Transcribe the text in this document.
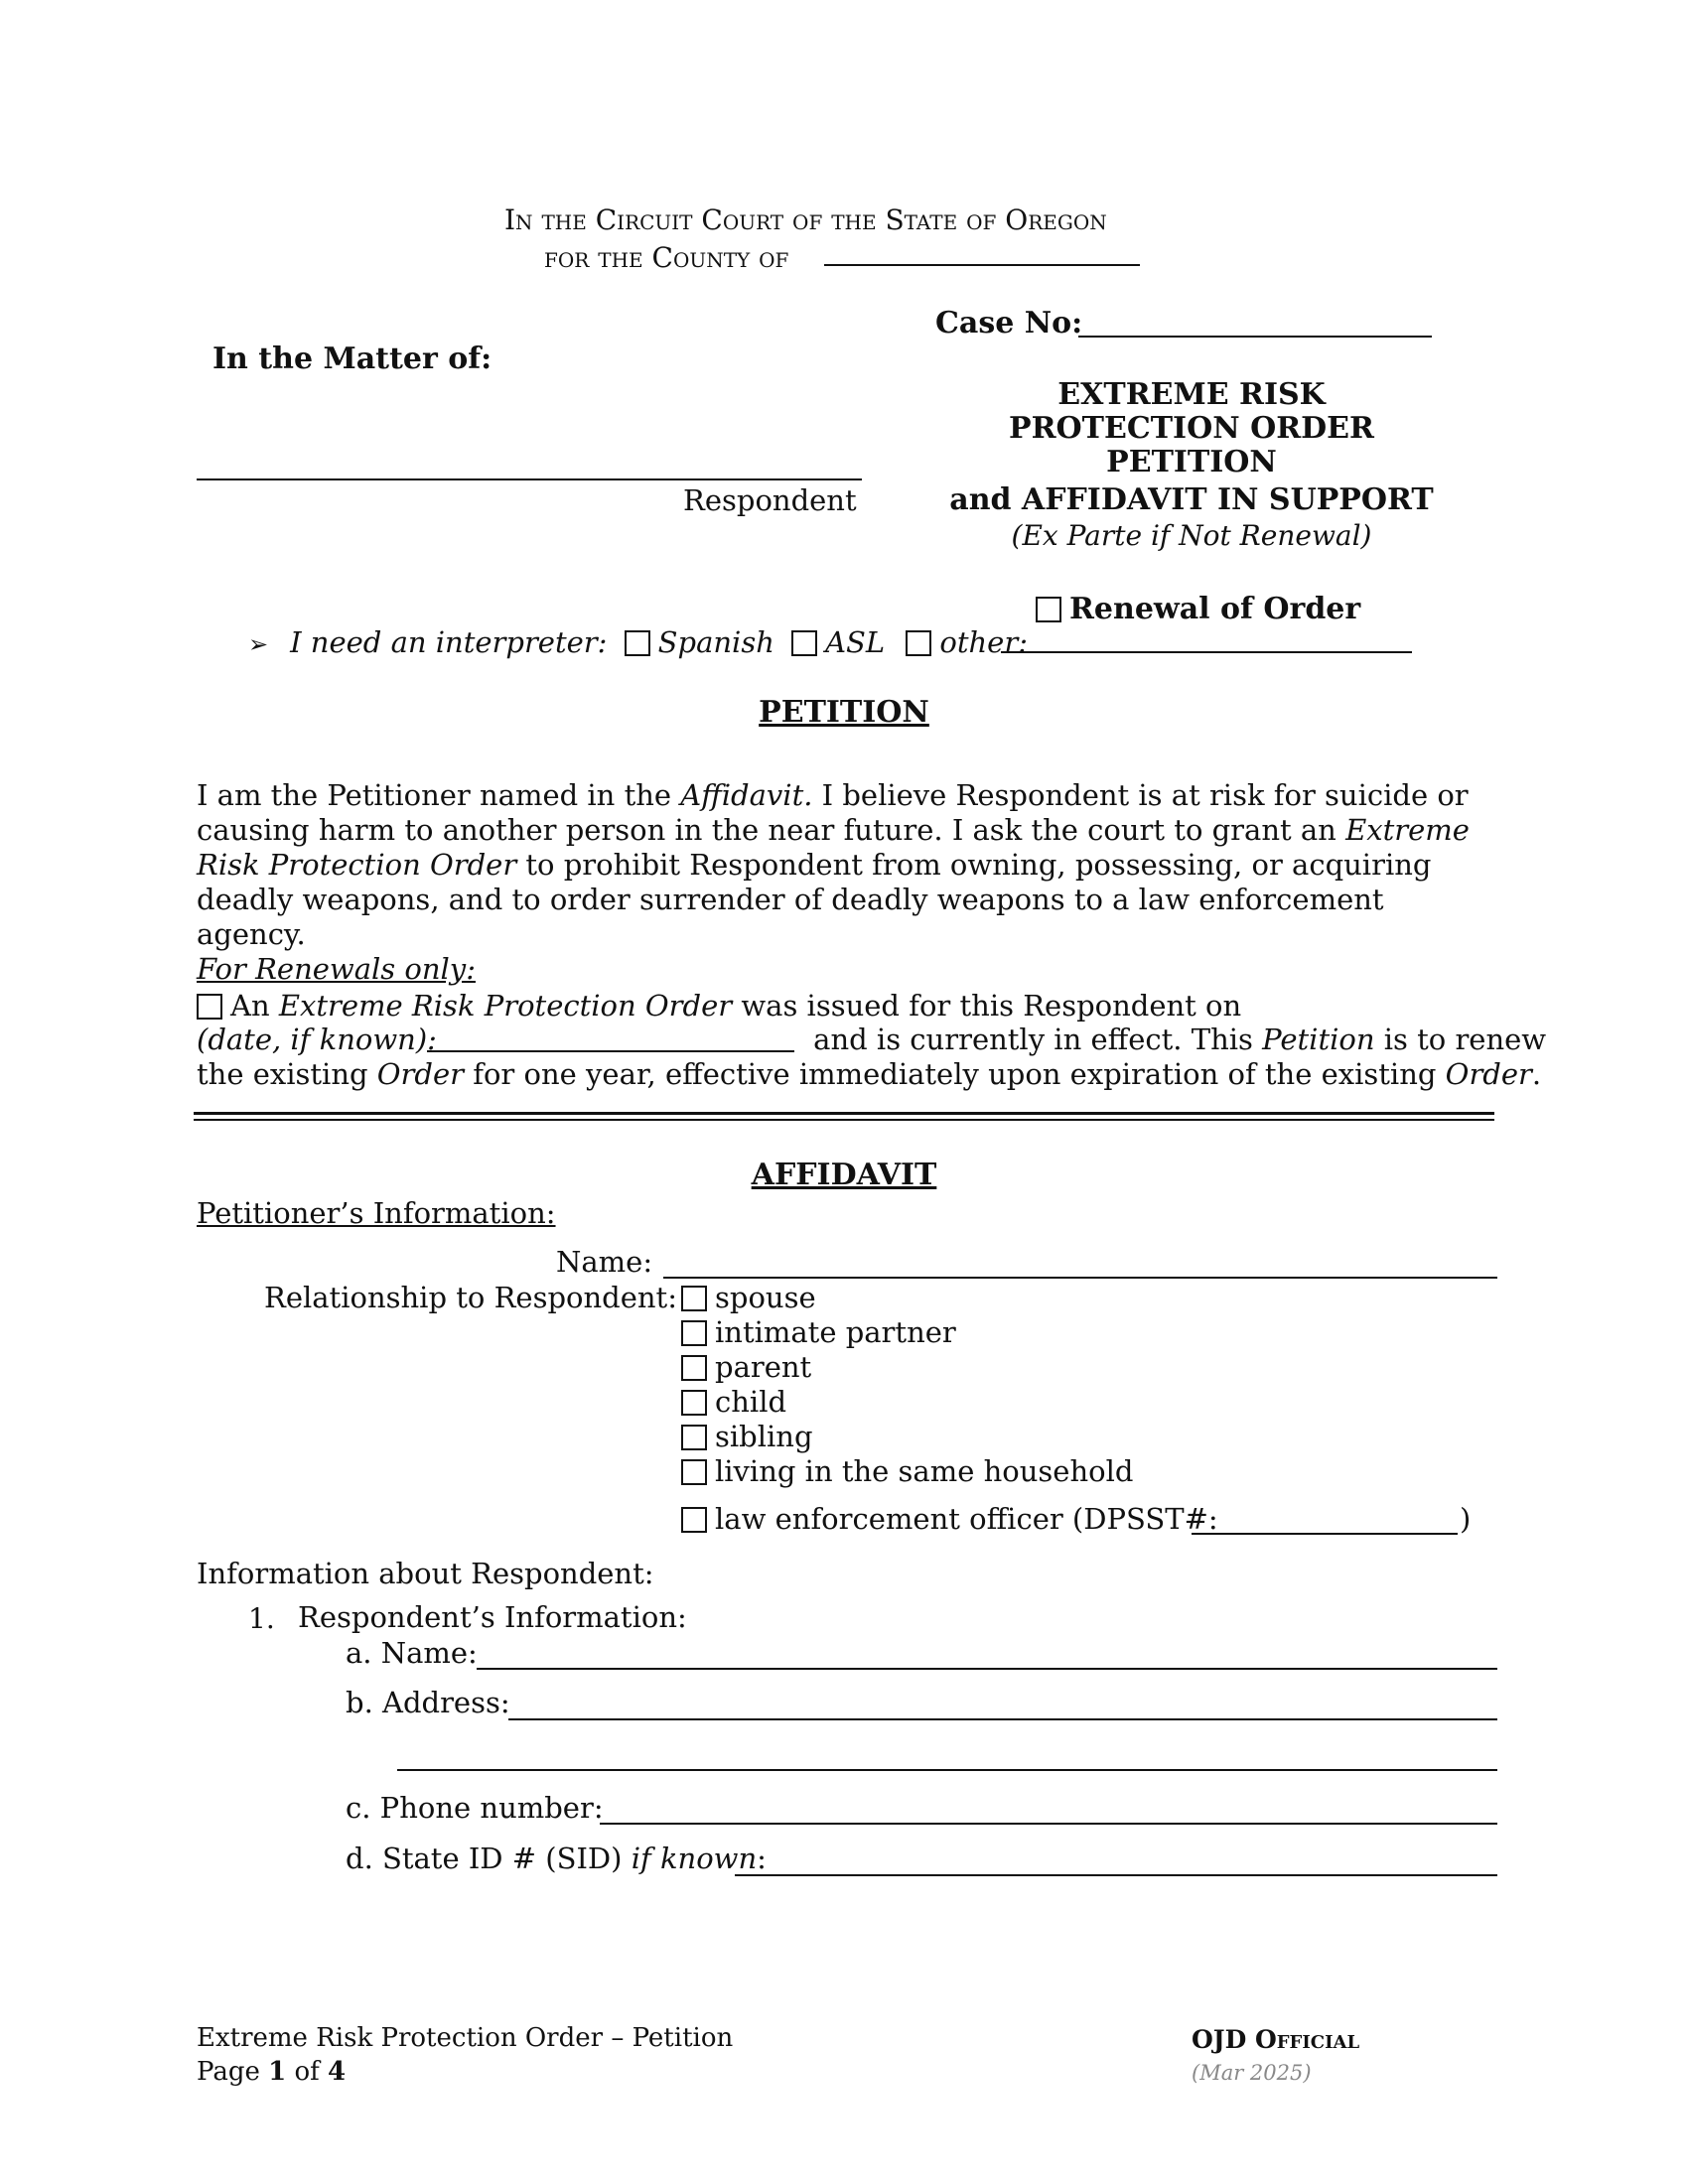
In the Circuit Court of the State of Oregon
for the County of
Case No:
In the Matter of:
Respondent
EXTREME RISK
PROTECTION ORDER
PETITION
and AFFIDAVIT IN SUPPORT
(Ex Parte if Not Renewal)
Renewal of Order
➢ I need an interpreter: Spanish ASL other:
PETITION
I am the Petitioner named in the Affidavit. I believe Respondent is at risk for suicide or causing harm to another person in the near future. I ask the court to grant an Extreme Risk Protection Order to prohibit Respondent from owning, possessing, or acquiring deadly weapons, and to order surrender of deadly weapons to a law enforcement agency.
For Renewals only:
An Extreme Risk Protection Order was issued for this Respondent on
(date, if known):	and is currently in effect. This Petition is to renew
the existing Order for one year, effective immediately upon expiration of the existing Order.
AFFIDAVIT
Petitioner’s Information:
Name:
Relationship to Respondent:	spouse
intimate partner
parent
child
sibling
living in the same household
law enforcement officer (DPSST#:	)
Information about Respondent:
1. Respondent’s Information:
a. Name:
b. Address:
c. Phone number:
d. State ID # (SID) if known:
Extreme Risk Protection Order – Petition
Page 1 of 4
OJD Official
(Mar 2025)
